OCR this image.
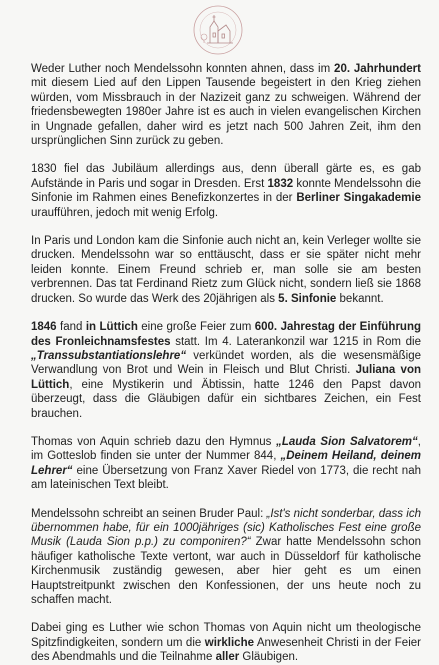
Weder Luther noch Mendelssohn konnten ahnen, dass im 20. Jahrhundert mit diesem Lied auf den Lippen Tausende begeistert in den Krieg ziehen würden, vom Missbrauch in der Nazizeit ganz zu schweigen. Während der friedensbewegten 1980er Jahre ist es auch in vielen evangelischen Kirchen in Ungnade gefallen, daher wird es jetzt nach 500 Jahren Zeit, ihm den ursprünglichen Sinn zurück zu geben.

1830 fiel das Jubiläum allerdings aus, denn überall gärte es, es gab Aufstände in Paris und sogar in Dresden. Erst 1832 konnte Mendelssohn die Sinfonie im Rahmen eines Benefizkonzertes in der Berliner Singakademie uraufführen, jedoch mit wenig Erfolg.

In Paris und London kam die Sinfonie auch nicht an, kein Verleger wollte sie drucken. Mendelssohn war so enttäuscht, dass er sie später nicht mehr leiden konnte. Einem Freund schrieb er, man solle sie am besten verbrennen. Das tat Ferdinand Rietz zum Glück nicht, sondern ließ sie 1868 drucken. So wurde das Werk des 20jährigen als 5. Sinfonie bekannt.

1846 fand in Lüttich eine große Feier zum 600. Jahrestag der Einführung des Fronleichnamsfestes statt. Im 4. Laterankonzil war 1215 in Rom die „Transsubstantiationslehre“ verkündet worden, als die wesensmäßige Verwandlung von Brot und Wein in Fleisch und Blut Christi. Juliana von Lüttich, eine Mystikerin und Äbtissin, hatte 1246 den Papst davon überzeugt, dass die Gläubigen dafür ein sichtbares Zeichen, ein Fest brauchen.

Thomas von Aquin schrieb dazu den Hymnus „Lauda Sion Salvatorem“, im Gotteslob finden sie unter der Nummer 844, „Deinem Heiland, deinem Lehrer“ eine Übersetzung von Franz Xaver Riedel von 1773, die recht nah am lateinischen Text bleibt.

Mendelssohn schreibt an seinen Bruder Paul: „Ist's nicht sonderbar, dass ich übernommen habe, für ein 1000jähriges (sic) Katholisches Fest eine große Musik (Lauda Sion p.p.) zu componiren?“ Zwar hatte Mendelssohn schon häufiger katholische Texte vertont, war auch in Düsseldorf für katholische Kirchenmusik zuständig gewesen, aber hier geht es um einen Hauptstreitpunkt zwischen den Konfessionen, der uns heute noch zu schaffen macht.

Dabei ging es Luther wie schon Thomas von Aquin nicht um theologische Spitzfindigkeiten, sondern um die wirkliche Anwesenheit Christi in der Feier des Abendmahls und die Teilnahme aller Gläubigen.
